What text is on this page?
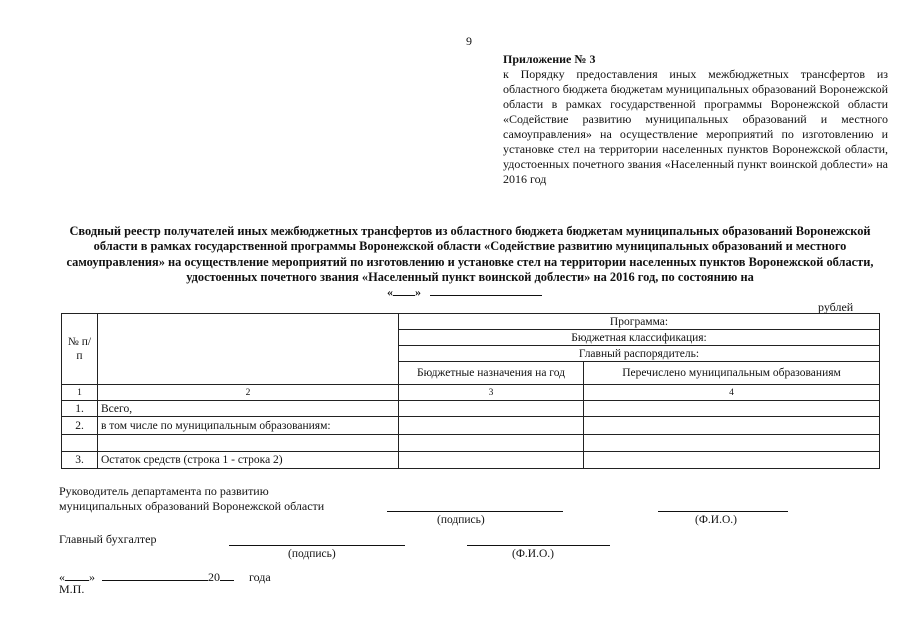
9
Приложение № 3
к Порядку предоставления иных межбюджетных трансфертов из областного бюджета бюджетам муниципальных образований Воронежской области в рамках государственной программы Воронежской области «Содействие развитию муниципальных образований и местного самоуправления» на осуществление мероприятий по изготовлению и установке стел на территории населенных пунктов Воронежской области, удостоенных почетного звания «Населенный пункт воинской доблести» на 2016 год
Сводный реестр получателей иных межбюджетных трансфертов из областного бюджета бюджетам муниципальных образований Воронежской области в рамках государственной программы Воронежской области «Содействие развитию муниципальных образований и местного самоуправления» на осуществление мероприятий по изготовлению и установке стел на территории населенных пунктов Воронежской области, удостоенных почетного звания «Населенный пункт воинской доблести» на 2016 год, по состоянию на
« »
рублей
№ п/п		Программа:	
		Бюджетная классификация:	
		Главный распорядитель:	
		Бюджетные назначения на год	Перечислено муниципальным образованиям
1	2	3	4
1.	Всего,		
2.	в том числе по муниципальным образованиям:		

3.	Остаток средств (строка 1 - строка 2)		
Руководитель департамента по развитию
муниципальных образований Воронежской области
(подпись)	(Ф.И.О.)
Главный бухгалтер
(подпись)	(Ф.И.О.)
« »	20 года
М.П.
